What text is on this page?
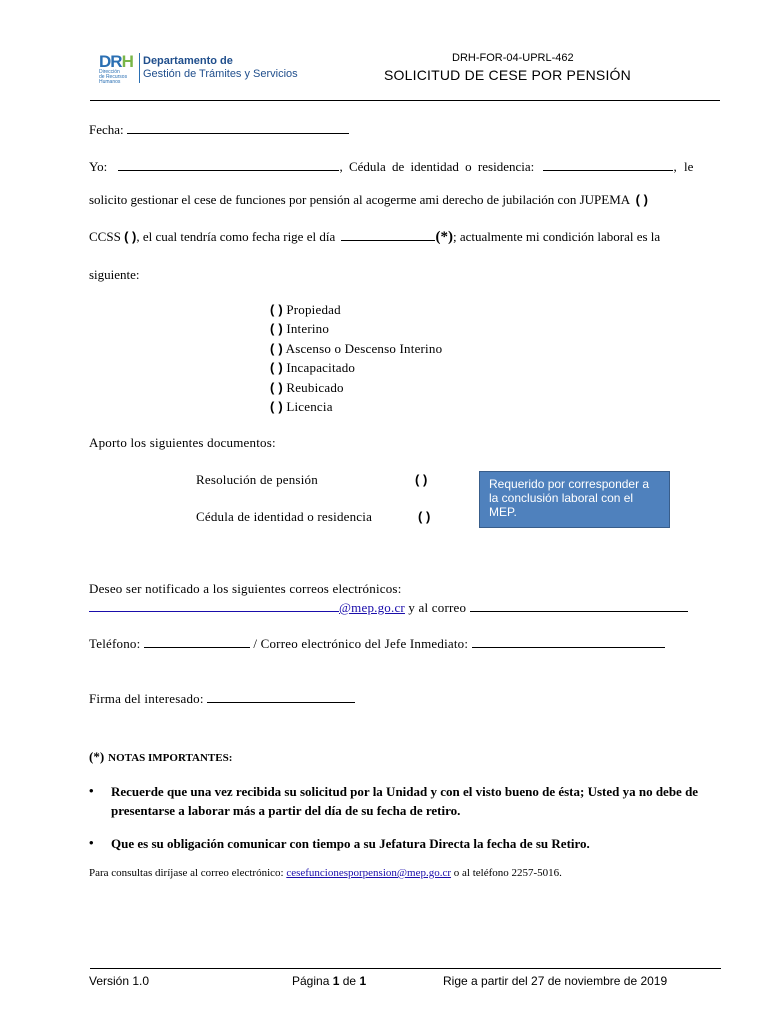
DRH
Dirección
de Recursos
Humanos
Departamento de
Gestión de Trámites y Servicios
DRH-FOR-04-UPRL-462
SOLICITUD DE CESE POR PENSIÓN
Fecha:
Yo:	, Cédula de identidad o residencia:	, le
solicito gestionar el cese de funciones por pensión al acogerme ami derecho de jubilación con JUPEMA ( )
CCSS ( ), el cual tendría como fecha rige el día	(*); actualmente mi condición laboral es la
siguiente:
( ) Propiedad
( ) Interino
( ) Ascenso o Descenso Interino
( ) Incapacitado
( ) Reubicado
( ) Licencia
Aporto los siguientes documentos:
Resolución de pensión	( )
Cédula de identidad o residencia	( )
Requerido por corresponder a la conclusión laboral con el MEP.
Deseo ser notificado a los siguientes correos electrónicos:
@mep.go.cr y al correo
Teléfono:	/ Correo electrónico del Jefe Inmediato:
Firma del interesado:
(*) NOTAS IMPORTANTES:
• Recuerde que una vez recibida su solicitud por la Unidad y con el visto bueno de ésta; Usted ya no debe de presentarse a laborar más a partir del día de su fecha de retiro.
• Que es su obligación comunicar con tiempo a su Jefatura Directa la fecha de su Retiro.
Para consultas diríjase al correo electrónico: cesefuncionesporpension@mep.go.cr o al teléfono 2257-5016.
Versión 1.0	Página 1 de 1	Rige a partir del 27 de noviembre de 2019
